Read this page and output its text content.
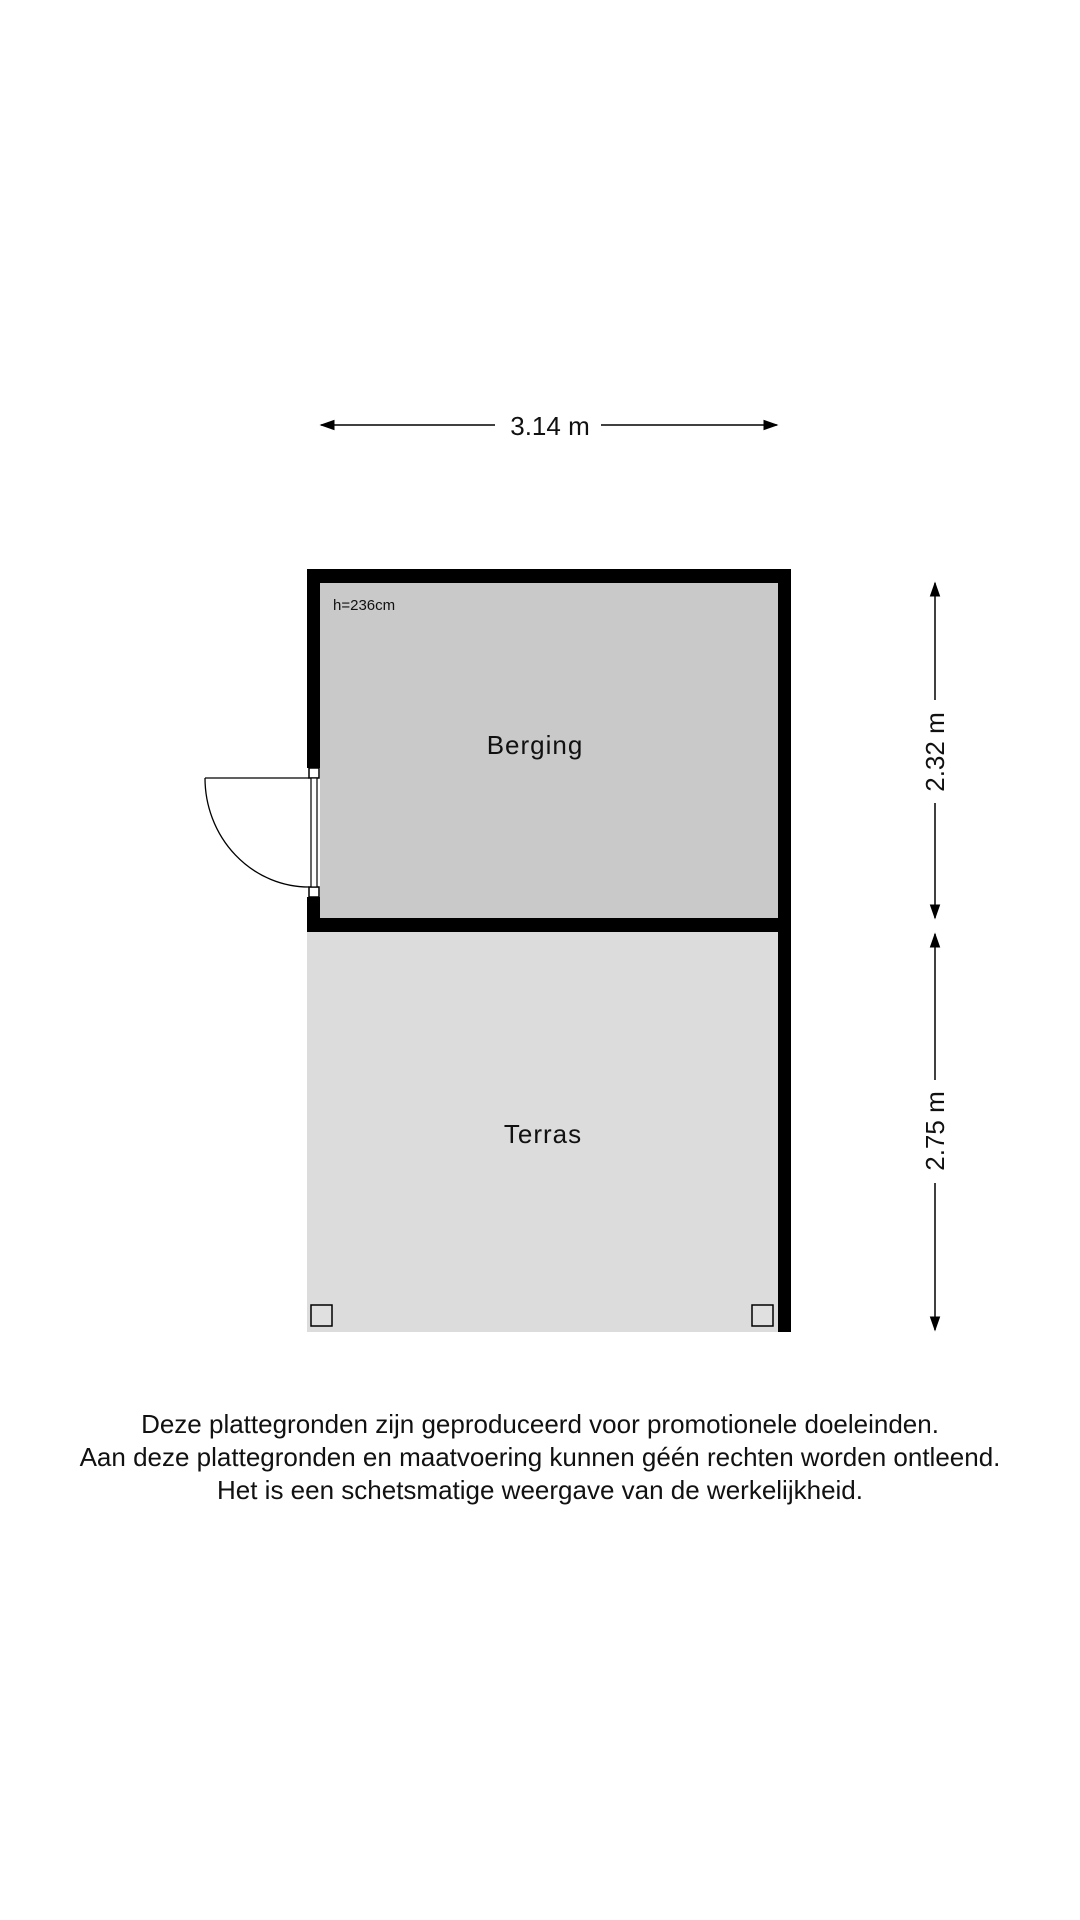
Berging
h=236cm
Terras
3.14 m
2.32 m
2.75 m
Deze plattegronden zijn geproduceerd voor promotionele doeleinden.
Aan deze plattegronden en maatvoering kunnen géén rechten worden ontleend.
Het is een schetsmatige weergave van de werkelijkheid.
